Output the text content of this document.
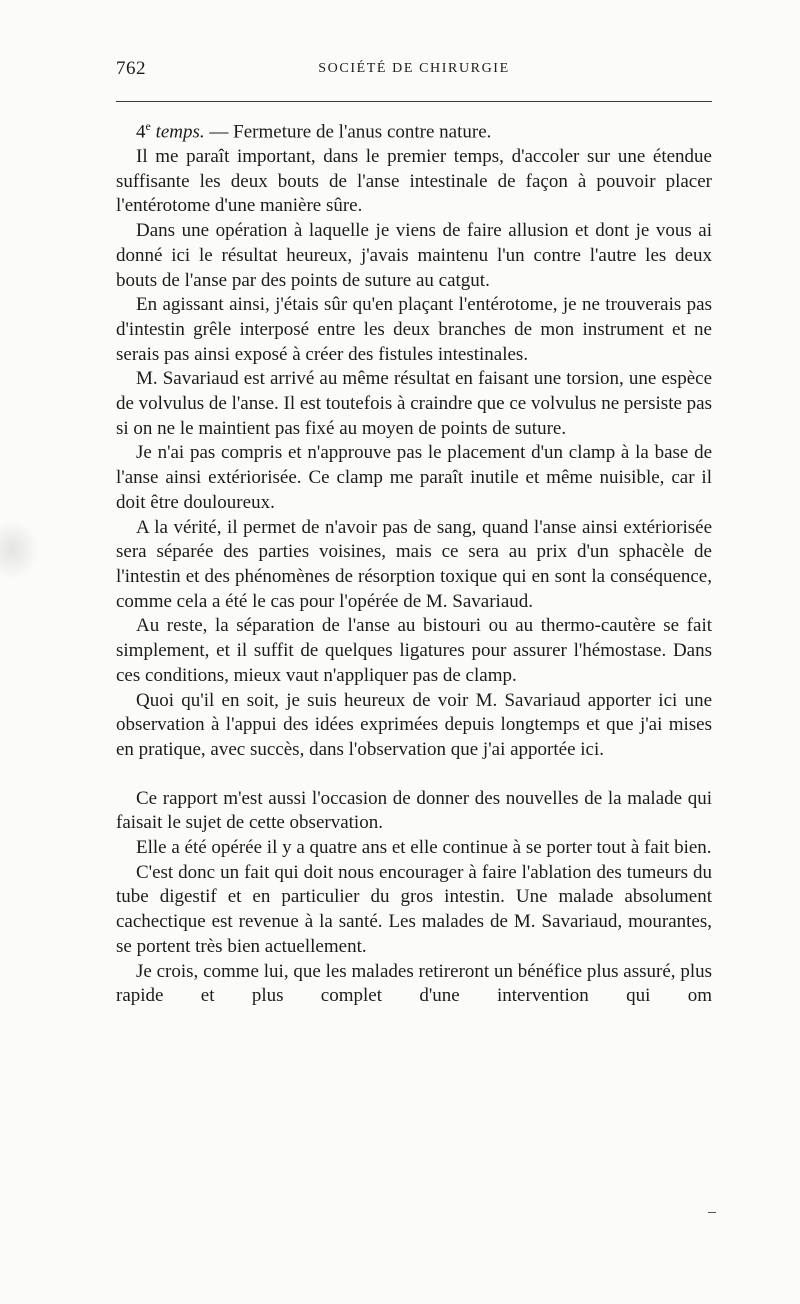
762	SOCIÉTÉ DE CHIRURGIE

4e temps. — Fermeture de l'anus contre nature.

Il me paraît important, dans le premier temps, d'accoler sur une étendue suffisante les deux bouts de l'anse intestinale de façon à pouvoir placer l'entérotome d'une manière sûre.

Dans une opération à laquelle je viens de faire allusion et dont je vous ai donné ici le résultat heureux, j'avais maintenu l'un contre l'autre les deux bouts de l'anse par des points de suture au catgut.

En agissant ainsi, j'étais sûr qu'en plaçant l'entérotome, je ne trouverais pas d'intestin grêle interposé entre les deux branches de mon instrument et ne serais pas ainsi exposé à créer des fistules intestinales.

M. Savariaud est arrivé au même résultat en faisant une torsion, une espèce de volvulus de l'anse. Il est toutefois à craindre que ce volvulus ne persiste pas si on ne le maintient pas fixé au moyen de points de suture.

Je n'ai pas compris et n'approuve pas le placement d'un clamp à la base de l'anse ainsi extériorisée. Ce clamp me paraît inutile et même nuisible, car il doit être douloureux.

A la vérité, il permet de n'avoir pas de sang, quand l'anse ainsi extériorisée sera séparée des parties voisines, mais ce sera au prix d'un sphacèle de l'intestin et des phénomènes de résorption toxique qui en sont la conséquence, comme cela a été le cas pour l'opérée de M. Savariaud.

Au reste, la séparation de l'anse au bistouri ou au thermo-cautère se fait simplement, et il suffit de quelques ligatures pour assurer l'hémostase. Dans ces conditions, mieux vaut n'appliquer pas de clamp.

Quoi qu'il en soit, je suis heureux de voir M. Savariaud apporter ici une observation à l'appui des idées exprimées depuis longtemps et que j'ai mises en pratique, avec succès, dans l'observation que j'ai apportée ici.

Ce rapport m'est aussi l'occasion de donner des nouvelles de la malade qui faisait le sujet de cette observation.

Elle a été opérée il y a quatre ans et elle continue à se porter tout à fait bien.

C'est donc un fait qui doit nous encourager à faire l'ablation des tumeurs du tube digestif et en particulier du gros intestin. Une malade absolument cachectique est revenue à la santé. Les malades de M. Savariaud, mourantes, se portent très bien actuellement.

Je crois, comme lui, que les malades retireront un bénéfice plus assuré, plus rapide et plus complet d'une intervention qui om
